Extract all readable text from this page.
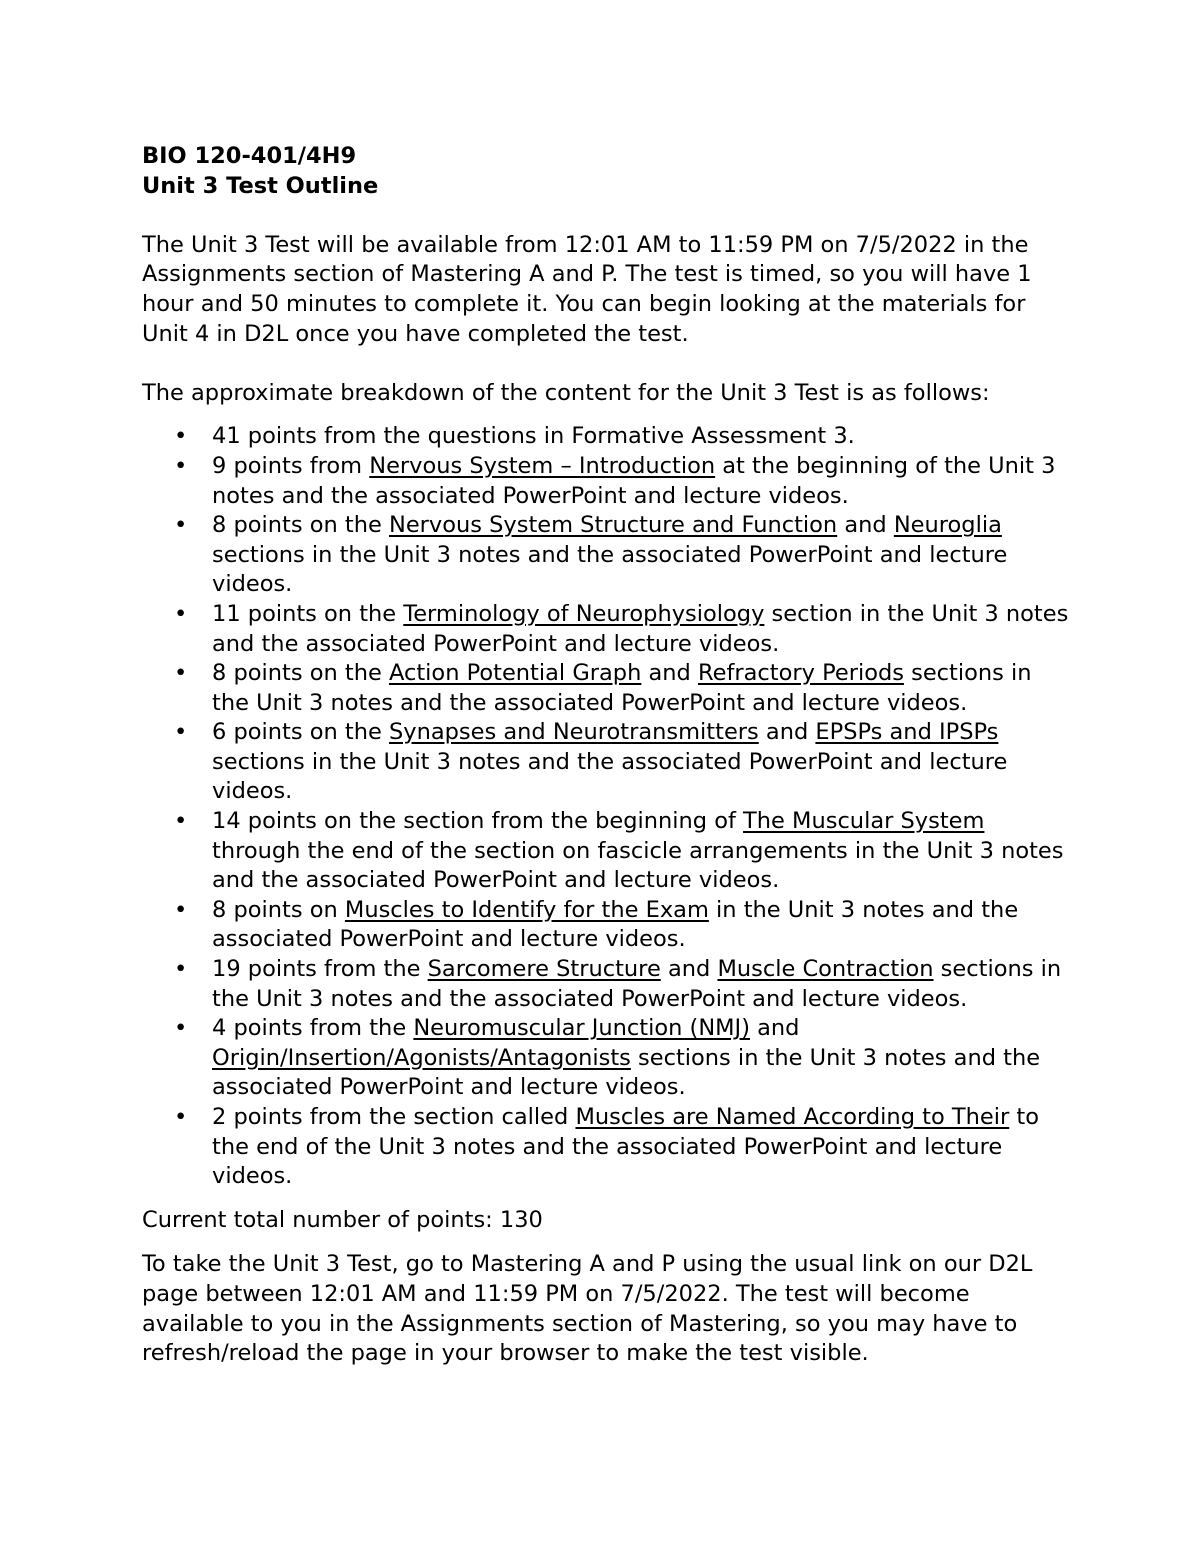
BIO 120-401/4H9

Unit 3 Test Outline

The Unit 3 Test will be available from 12:01 AM to 11:59 PM on 7/5/2022 in the Assignments section of Mastering A and P. The test is timed, so you will have 1 hour and 50 minutes to complete it. You can begin looking at the materials for Unit 4 in D2L once you have completed the test.

The approximate breakdown of the content for the Unit 3 Test is as follows:

• 41 points from the questions in Formative Assessment 3.
• 9 points from Nervous System – Introduction at the beginning of the Unit 3 notes and the associated PowerPoint and lecture videos.
• 8 points on the Nervous System Structure and Function and Neuroglia sections in the Unit 3 notes and the associated PowerPoint and lecture videos.
• 11 points on the Terminology of Neurophysiology section in the Unit 3 notes and the associated PowerPoint and lecture videos.
• 8 points on the Action Potential Graph and Refractory Periods sections in the Unit 3 notes and the associated PowerPoint and lecture videos.
• 6 points on the Synapses and Neurotransmitters and EPSPs and IPSPs sections in the Unit 3 notes and the associated PowerPoint and lecture videos.
• 14 points on the section from the beginning of The Muscular System through the end of the section on fascicle arrangements in the Unit 3 notes and the associated PowerPoint and lecture videos.
• 8 points on Muscles to Identify for the Exam in the Unit 3 notes and the associated PowerPoint and lecture videos.
• 19 points from the Sarcomere Structure and Muscle Contraction sections in the Unit 3 notes and the associated PowerPoint and lecture videos.
• 4 points from the Neuromuscular Junction (NMJ) and Origin/Insertion/Agonists/Antagonists sections in the Unit 3 notes and the associated PowerPoint and lecture videos.
• 2 points from the section called Muscles are Named According to Their to the end of the Unit 3 notes and the associated PowerPoint and lecture videos.

Current total number of points: 130

To take the Unit 3 Test, go to Mastering A and P using the usual link on our D2L page between 12:01 AM and 11:59 PM on 7/5/2022. The test will become available to you in the Assignments section of Mastering, so you may have to refresh/reload the page in your browser to make the test visible.
